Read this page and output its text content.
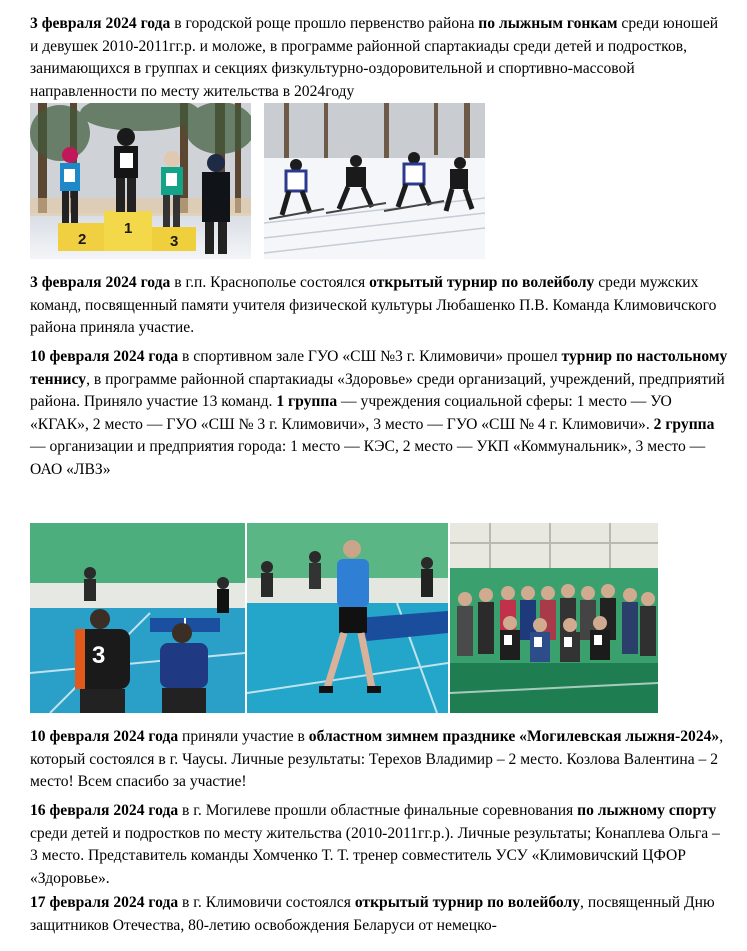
3 февраля 2024 года в городской роще прошло первенство района по лыжным гонкам среди юношей и девушек 2010-2011гг.р. и моложе, в программе районной спартакиады среди детей и подростков, занимающихся в группах и секциях физкультурно-оздоровительной и спортивно-массовой направленности по месту жительства в 2024году

2
1
3

3 февраля 2024 года в г.п. Краснополье состоялся открытый турнир по волейболу среди мужских команд, посвященный памяти учителя физической культуры Любашенко П.В. Команда Климовичского района приняла участие.

10 февраля 2024 года в спортивном зале ГУО «СШ №3 г. Климовичи» прошел турнир по настольному теннису, в программе районной спартакиады «Здоровье» среди организаций, учреждений, предприятий района. Приняло участие 13 команд. 1 группа — учреждения социальной сферы: 1 место — УО «КГАК», 2 место — ГУО «СШ № 3 г. Климовичи», 3 место — ГУО «СШ № 4 г. Климовичи». 2 группа — организации и предприятия города: 1 место — КЭС, 2 место — УКП «Коммунальник», 3 место — ОАО «ЛВЗ»

3

10 февраля 2024 года приняли участие в областном зимнем празднике «Могилевская лыжня-2024», который состоялся в г. Чаусы. Личные результаты: Терехов Владимир – 2 место. Козлова Валентина – 2 место! Всем спасибо за участие!

16 февраля 2024 года в г. Могилеве прошли областные финальные соревнования по лыжному спорту среди детей и подростков по месту жительства (2010-2011гг.р.). Личные результаты; Конаплева Ольга – 3 место. Представитель команды Хомченко Т. Т. тренер совместитель УСУ «Климовичский ЦФОР «Здоровье».

17 февраля 2024 года в г. Климовичи состоялся открытый турнир по волейболу, посвященный Дню защитников Отечества, 80-летию освобождения Беларуси от немецко-
